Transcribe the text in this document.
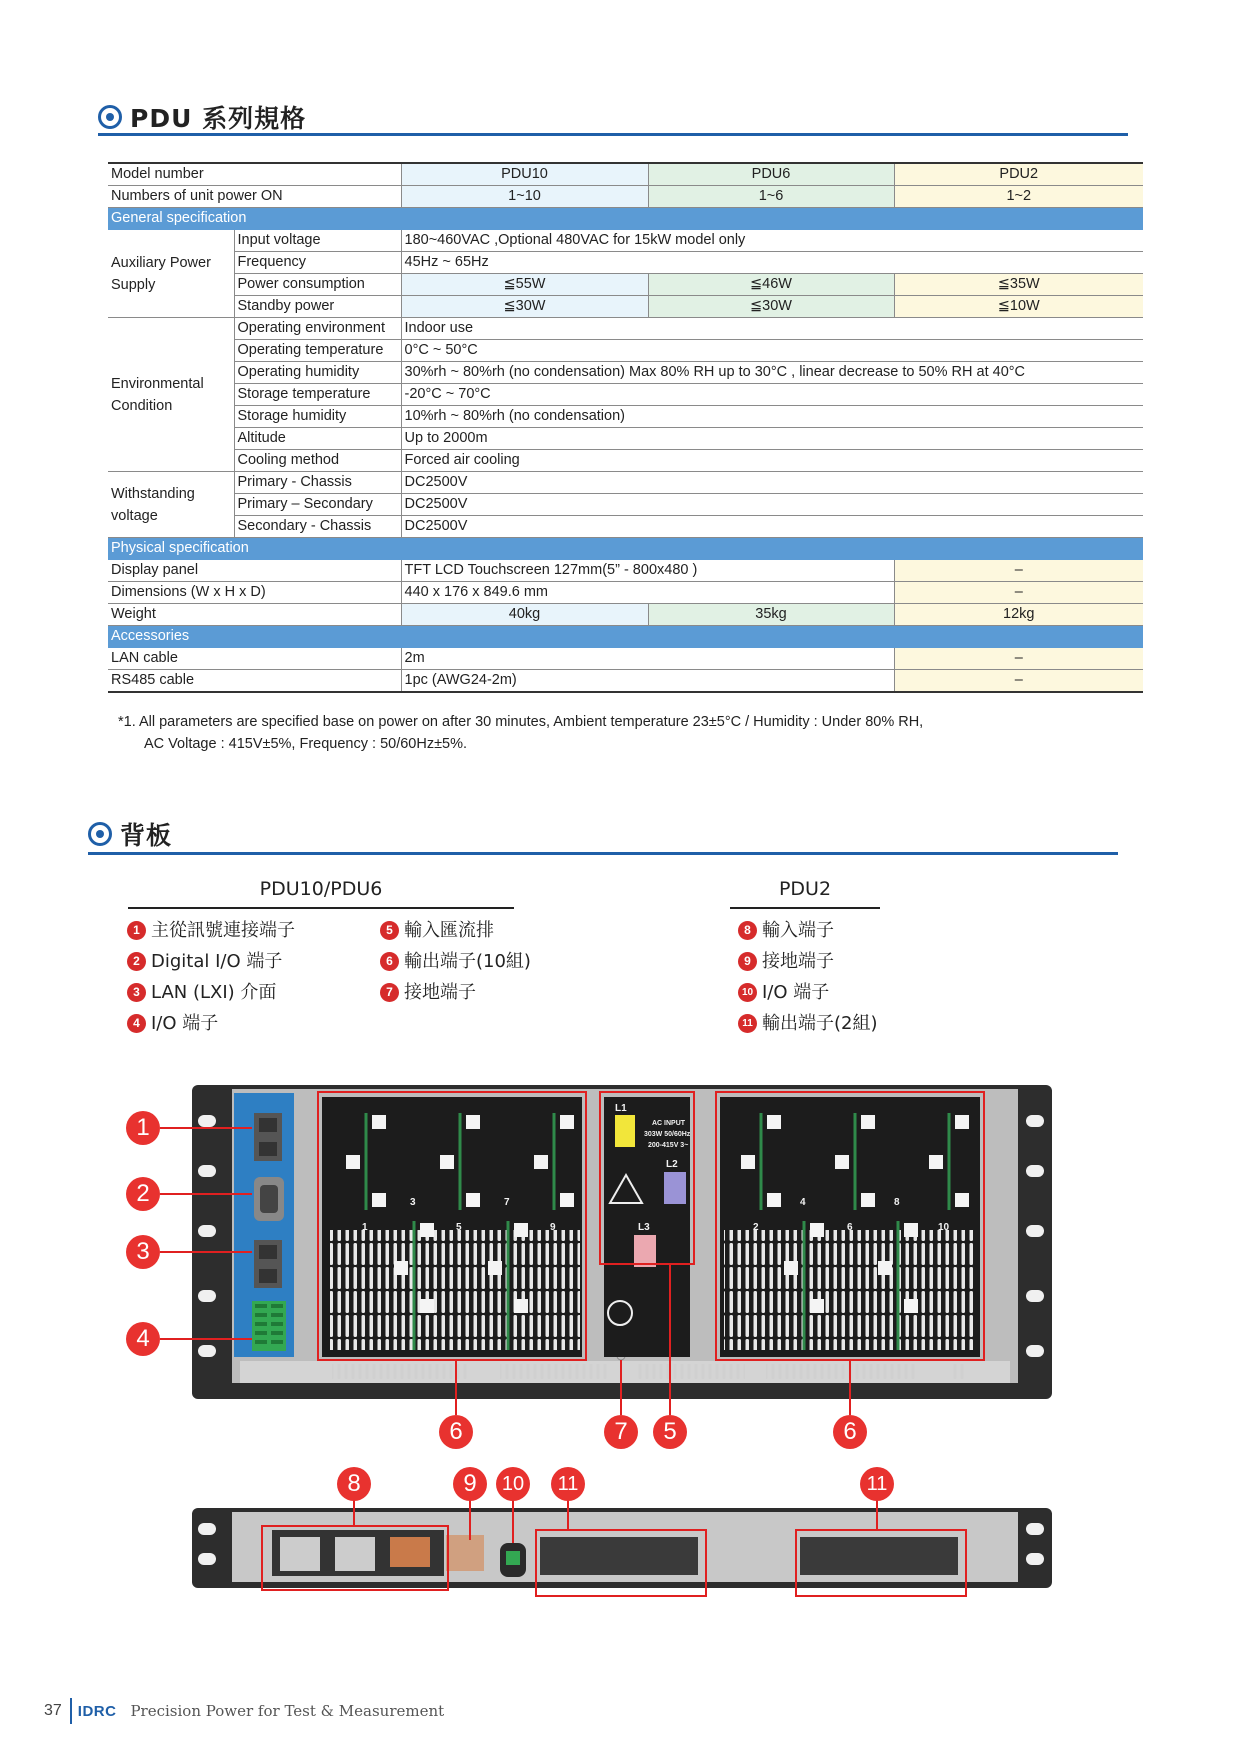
PDU 系列規格
Model number		PDU10	PDU6	PDU2
Numbers of unit power ON		1~10	1~6	1~2
General specification				
Auxiliary Power Supply	Input voltage	180~460VAC ,Optional 480VAC for 15kW model only		
	Frequency	45Hz ~ 65Hz		
	Power consumption	≦55W	≦46W	≦35W
	Standby power	≦30W	≦30W	≦10W
Environmental Condition	Operating environment	Indoor use		
	Operating temperature	0°C ~ 50°C		
	Operating humidity	30%rh ~ 80%rh (no condensation) Max 80% RH up to 30°C , linear decrease to 50% RH at 40°C		
	Storage temperature	-20°C ~ 70°C		
	Storage humidity	10%rh ~ 80%rh (no condensation)		
	Altitude	Up to 2000m		
	Cooling method	Forced air cooling		
Withstanding voltage	Primary - Chassis	DC2500V		
	Primary – Secondary	DC2500V		
	Secondary - Chassis	DC2500V		
Physical specification				
Display panel		TFT LCD Touchscreen 127mm(5” - 800x480 )		–
Dimensions (W x H x D)		440 x 176 x 849.6 mm		–
Weight		40kg	35kg	12kg
Accessories				
LAN cable		2m		–
RS485 cable		1pc (AWG24-2m)		–
*1. All parameters are specified base on power on after 30 minutes, Ambient temperature 23±5°C / Humidity : Under 80% RH,
AC Voltage : 415V±5%, Frequency : 50/60Hz±5%.
背板
PDU10/PDU6	PDU2
1 主從訊號連接端子
2 Digital I/O 端子
3 LAN (LXI) 介面
4 I/O 端子
5 輸入匯流排
6 輸出端子(10組)
7 接地端子
8 輸入端子
9 接地端子
10 I/O 端子
11 輸出端子(2組)
L1
L2
L3
AC INPUT
303W 50/60Hz
200-415V 3~
3	7
1	5	9
4	8
2	6	10
1
2
3
4
6	7	5	6
8	9	10	11	11
37 IDRC Precision Power for Test & Measurement
